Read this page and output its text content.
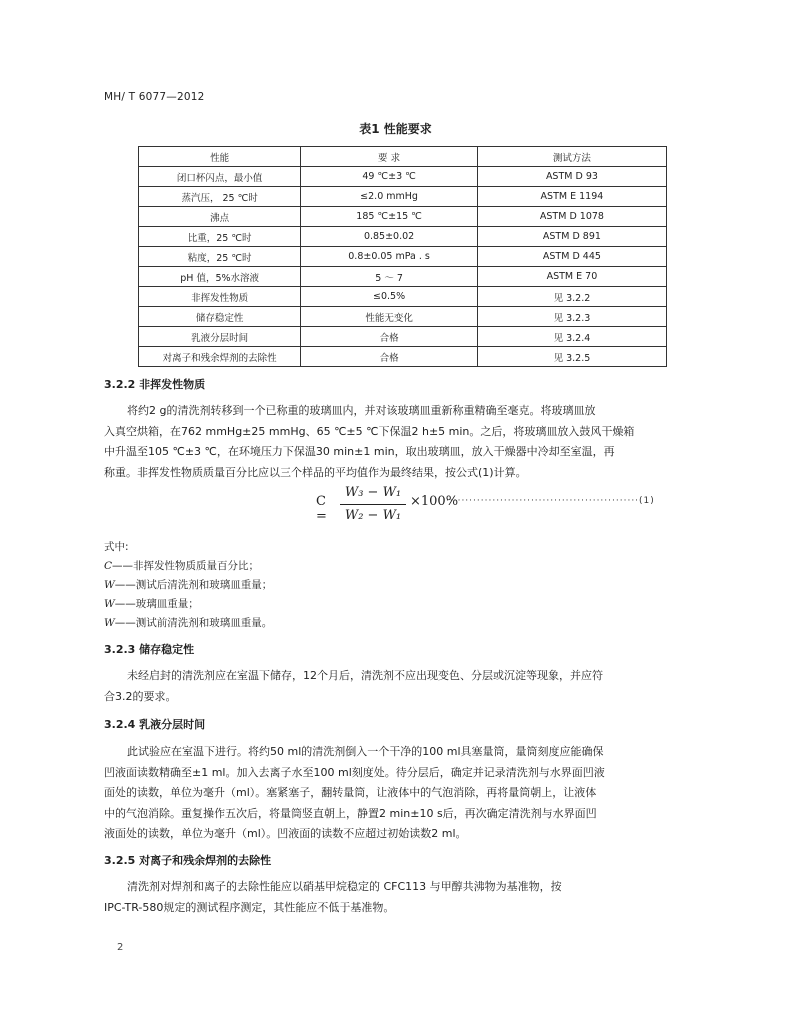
MH/ T 6077—2012
表1 性能要求
性能	要 求	测试方法
闭口杯闪点，最小值	49 ℃±3 ℃	ASTM D 93
蒸汽压， 25 ℃时	≤2.0 mmHg	ASTM E 1194
沸点	185 ℃±15 ℃	ASTM D 1078
比重，25 ℃时	0.85±0.02	ASTM D 891
粘度，25 ℃时	0.8±0.05 mPa . s	ASTM D 445
pH 值，5%水溶液	5 ～ 7	ASTM E 70
非挥发性物质	≤0.5%	见 3.2.2
储存稳定性	性能无变化	见 3.2.3
乳液分层时间	合格	见 3.2.4
对离子和残余焊剂的去除性	合格	见 3.2.5
3.2.2 非挥发性物质
将约2 g的清洗剂转移到一个已称重的玻璃皿内，并对该玻璃皿重新称重精确至毫克。将玻璃皿放
入真空烘箱，在762 mmHg±25 mmHg、65 ℃±5 ℃下保温2 h±5 min。之后，将玻璃皿放入鼓风干燥箱
中升温至105 ℃±3 ℃，在环境压力下保温30 min±1 min，取出玻璃皿，放入干燥器中冷却至室温，再
称重。非挥发性物质质量百分比应以三个样品的平均值作为最终结果，按公式(1)计算。
C =
W₃ − W₁
W₂ − W₁
×100%
··················································(1)
式中:
C——非挥发性物质质量百分比；
W——测试后清洗剂和玻璃皿重量；
W——玻璃皿重量；
W——测试前清洗剂和玻璃皿重量。
3.2.3 储存稳定性
未经启封的清洗剂应在室温下储存，12个月后，清洗剂不应出现变色、分层或沉淀等现象，并应符
合3.2的要求。
3.2.4 乳液分层时间
此试验应在室温下进行。将约50 ml的清洗剂倒入一个干净的100 ml具塞量筒，量筒刻度应能确保
凹液面读数精确至±1 ml。加入去离子水至100 ml刻度处。待分层后，确定并记录清洗剂与水界面凹液
面处的读数，单位为毫升（ml）。塞紧塞子，翻转量筒，让液体中的气泡消除，再将量筒朝上，让液体
中的气泡消除。重复操作五次后，将量筒竖直朝上，静置2 min±10 s后，再次确定清洗剂与水界面凹
液面处的读数，单位为毫升（ml）。凹液面的读数不应超过初始读数2 ml。
3.2.5 对离子和残余焊剂的去除性
清洗剂对焊剂和离子的去除性能应以硝基甲烷稳定的 CFC113 与甲醇共沸物为基准物，按
IPC-TR-580规定的测试程序测定，其性能应不低于基准物。
2
